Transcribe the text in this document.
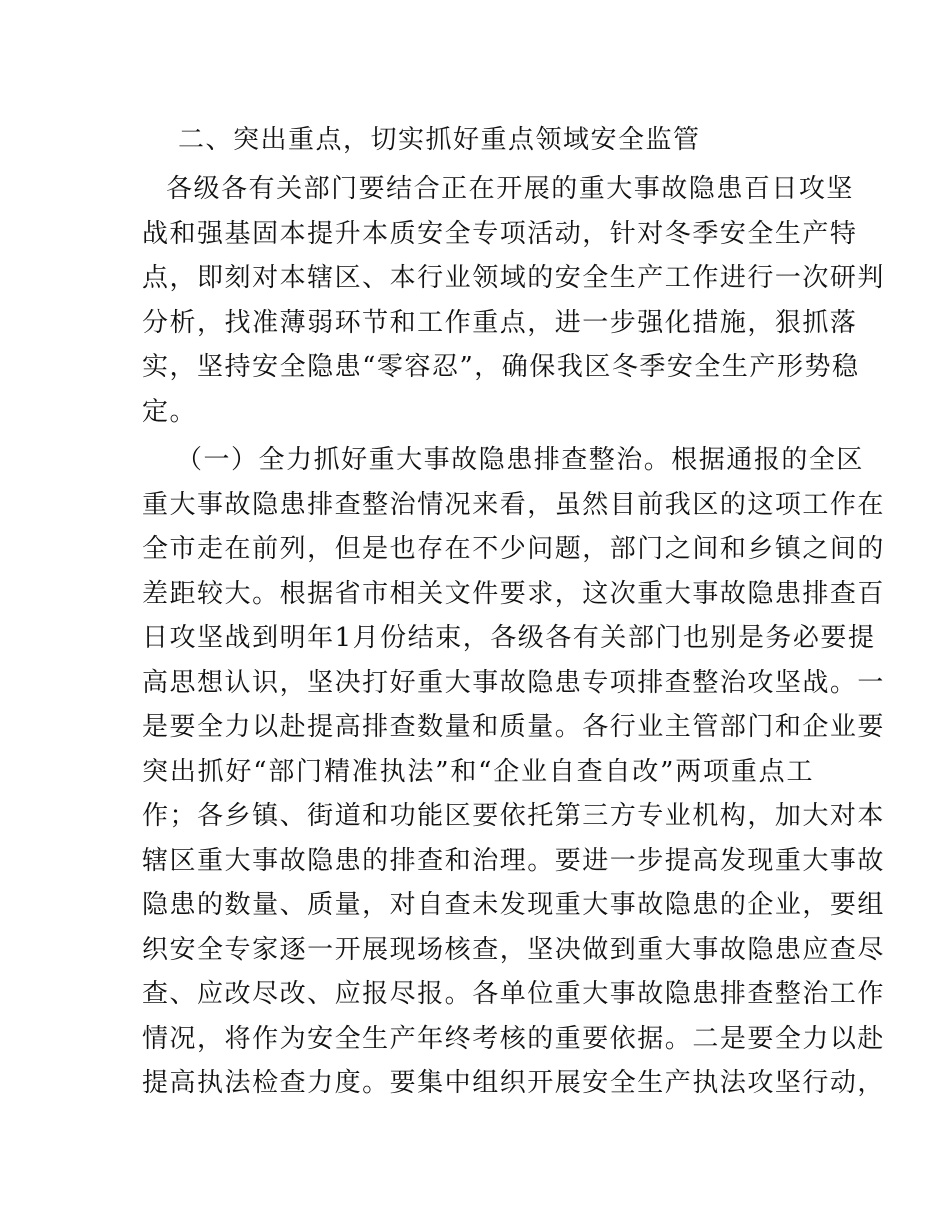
二、突出重点，切实抓好重点领域安全监管
各 级 各 有 关 部 门 要 结 合 正 在 开 展 的 重 大 事 故 隐 患 百 日 攻 坚
战 和 强 基 固 本 提 升 本 质 安 全 专 项 活 动 ， 针 对 冬 季 安 全 生 产 特
点 ， 即 刻 对 本 辖 区 、 本 行 业 领 域 的 安 全 生 产 工 作 进 行 一 次 研 判
分 析 ， 找 准 薄 弱 环 节 和 工 作 重 点 ， 进 一 步 强 化 措 施 ， 狠 抓 落
实 ， 坚 持 安 全 隐 患 “ 零 容 忍 ” ， 确 保 我 区 冬 季 安 全 生 产 形 势 稳
定。
（ 一 ） 全 力 抓 好 重 大 事 故 隐 患 排 查 整 治 。 根 据 通 报 的 全 区
重 大 事 故 隐 患 排 查 整 治 情 况 来 看 ， 虽 然 目 前 我 区 的 这 项 工 作 在
全 市 走 在 前 列 ， 但 是 也 存 在 不 少 问 题 ， 部 门 之 间 和 乡 镇 之 间 的
差 距 较 大 。 根 据 省 市 相 关 文 件 要 求 ， 这 次 重 大 事 故 隐 患 排 查 百
日 攻 坚 战 到 明 年 1 月 份 结 束 ， 各 级 各 有 关 部 门 也 别 是 务 必 要 提
高 思 想 认 识 ， 坚 决 打 好 重 大 事 故 隐 患 专 项 排 查 整 治 攻 坚 战 。 一
是 要 全 力 以 赴 提 高 排 查 数 量 和 质 量 。 各 行 业 主 管 部 门 和 企 业 要
突 出 抓 好 “ 部 门 精 准 执 法 ” 和 “ 企 业 自 查 自 改 ” 两 项 重 点 工
作 ； 各 乡 镇 、 街 道 和 功 能 区 要 依 托 第 三 方 专 业 机 构 ， 加 大 对 本
辖 区 重 大 事 故 隐 患 的 排 查 和 治 理 。 要 进 一 步 提 高 发 现 重 大 事 故
隐 患 的 数 量 、 质 量 ， 对 自 查 未 发 现 重 大 事 故 隐 患 的 企 业 ， 要 组
织 安 全 专 家 逐 一 开 展 现 场 核 查 ， 坚 决 做 到 重 大 事 故 隐 患 应 查 尽
查 、 应 改 尽 改 、 应 报 尽 报 。 各 单 位 重 大 事 故 隐 患 排 查 整 治 工 作
情 况 ， 将 作 为 安 全 生 产 年 终 考 核 的 重 要 依 据 。 二 是 要 全 力 以 赴
提 高 执 法 检 查 力 度 。 要 集 中 组 织 开 展 安 全 生 产 执 法 攻 坚 行 动 ，
